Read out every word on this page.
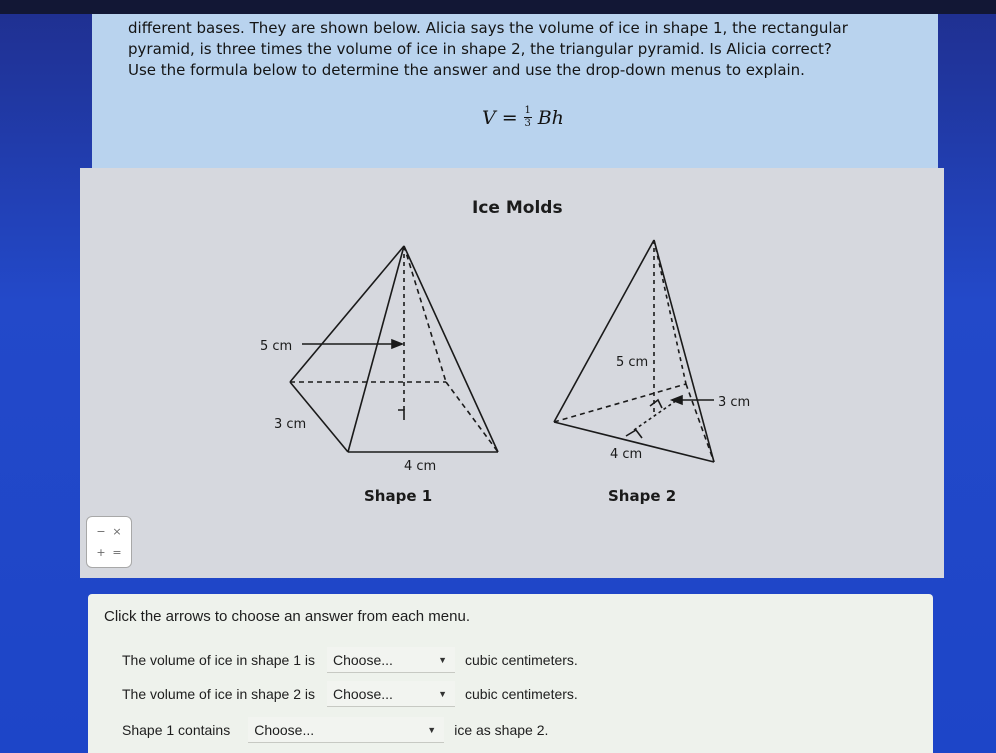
different bases. They are shown below. Alicia says the volume of ice in shape 1, the rectangular
pyramid, is three times the volume of ice in shape 2, the triangular pyramid. Is Alicia correct?
Use the formula below to determine the answer and use the drop-down menus to explain.
$V = \frac{1}{3}$ Bh
Ice Molds
5 cm
3 cm
4 cm
Shape 1
5 cm
3 cm
4 cm
Shape 2
− ×
+ =
Click the arrows to choose an answer from each menu.
The volume of ice in shape 1 is Choose...	▼ cubic centimeters.
The volume of ice in shape 2 is Choose...	▼ cubic centimeters.
Shape 1 contains Choose...	▼ ice as shape 2.
